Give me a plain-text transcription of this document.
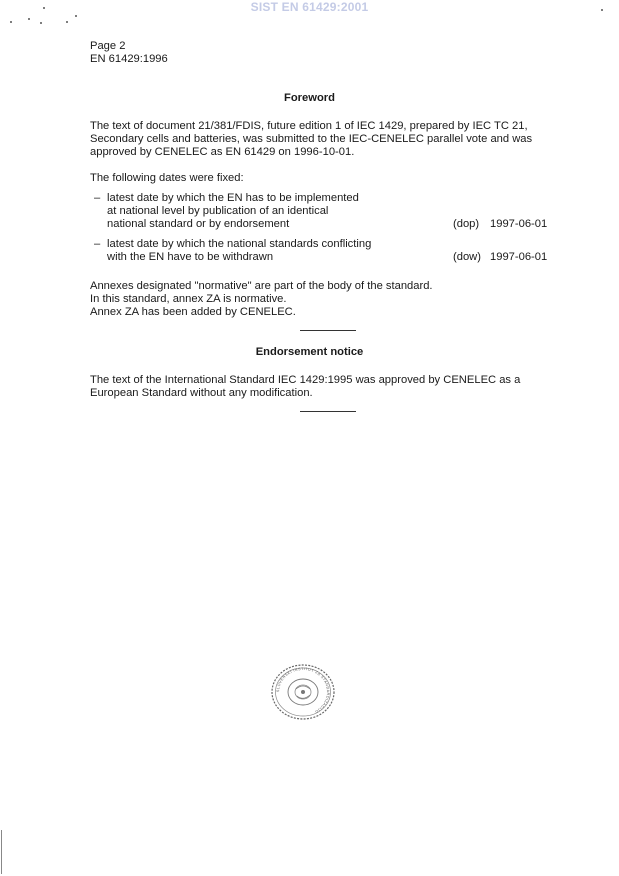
SIST EN 61429:2001
Page 2
EN 61429:1996
Foreword
The text of document 21/381/FDIS, future edition 1 of IEC 1429, prepared by IEC TC 21,
Secondary cells and batteries, was submitted to the IEC-CENELEC parallel vote and was
approved by CENELEC as EN 61429 on 1996-10-01.
The following dates were fixed:
– latest date by which the EN has to be implemented
at national level by publication of an identical
national standard or by endorsement	(dop) 1997-06-01
– latest date by which the national standards conflicting
with the EN have to be withdrawn	(dow) 1997-06-01
Annexes designated "normative" are part of the body of the standard.
In this standard, annex ZA is normative.
Annex ZA has been added by CENELEC.
Endorsement notice
The text of the International Standard IEC 1429:1995 was approved by CENELEC as a
European Standard without any modification.
SLOVENSKI INSTITUT ZA STANDARDIZACIJO
